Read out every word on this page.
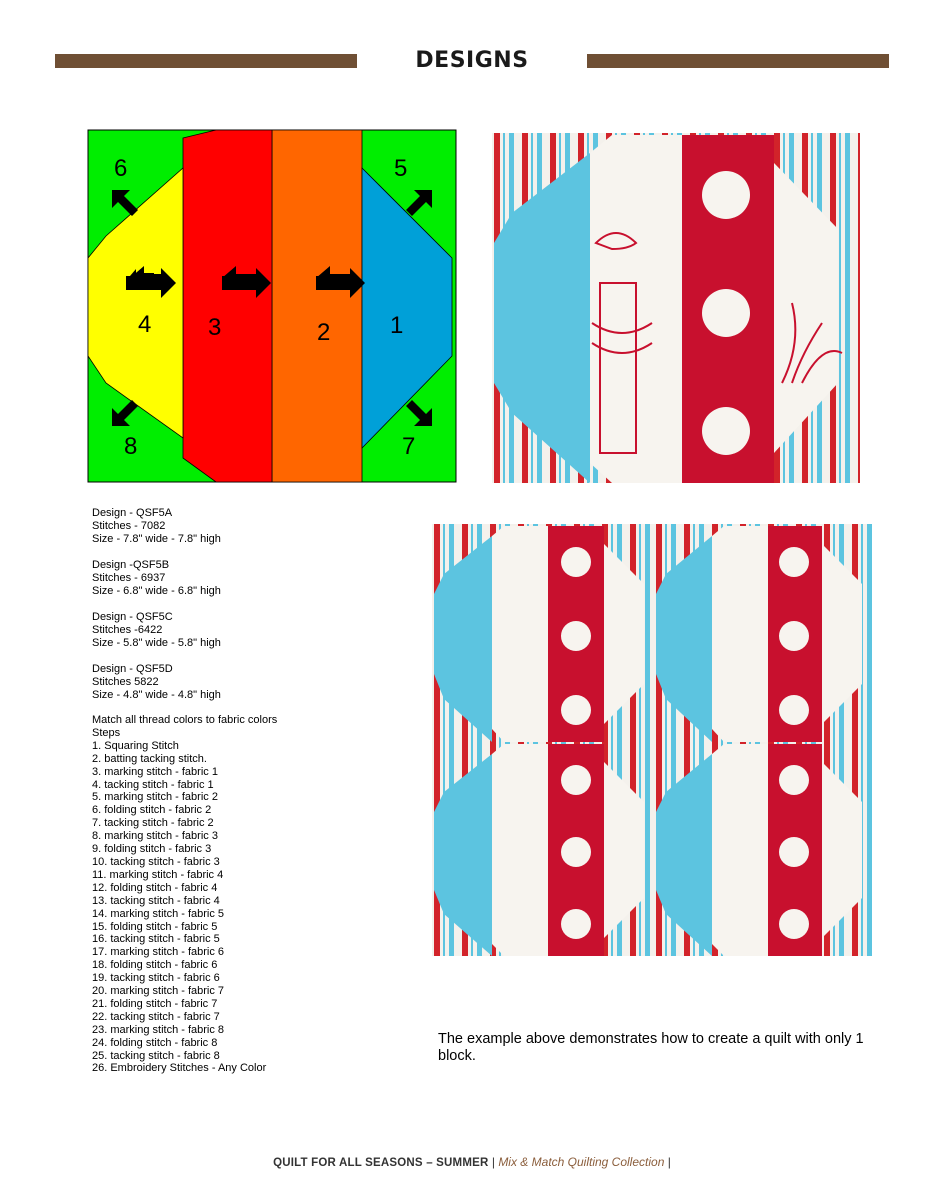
DESIGNS
1
2
3
4
5
6
7
8
Design - QSF5A
Stitches - 7082
Size - 7.8" wide - 7.8" high
Design -QSF5B
Stitches - 6937
Size - 6.8" wide - 6.8" high
Design - QSF5C
Stitches -6422
Size - 5.8" wide - 5.8" high
Design - QSF5D
Stitches 5822
Size - 4.8" wide - 4.8" high
Match all thread colors to fabric colors
Steps
1. Squaring Stitch
2. batting tacking stitch.
3. marking stitch - fabric 1
4. tacking stitch - fabric 1
5. marking stitch - fabric 2
6. folding stitch - fabric 2
7. tacking stitch - fabric 2
8. marking stitch - fabric 3
9. folding stitch - fabric 3
10. tacking stitch - fabric 3
11. marking stitch - fabric 4
12. folding stitch - fabric 4
13. tacking stitch - fabric 4
14. marking stitch - fabric 5
15. folding stitch - fabric 5
16. tacking stitch - fabric 5
17. marking stitch - fabric 6
18. folding stitch - fabric 6
19. tacking stitch - fabric 6
20. marking stitch - fabric 7
21. folding stitch - fabric 7
22. tacking stitch - fabric 7
23. marking stitch - fabric 8
24. folding stitch - fabric 8
25. tacking stitch - fabric 8
26. Embroidery Stitches - Any Color
The example above demonstrates how to create a quilt with only 1 block.
QUILT FOR ALL SEASONS – SUMMER | Mix & Match Quilting Collection |
